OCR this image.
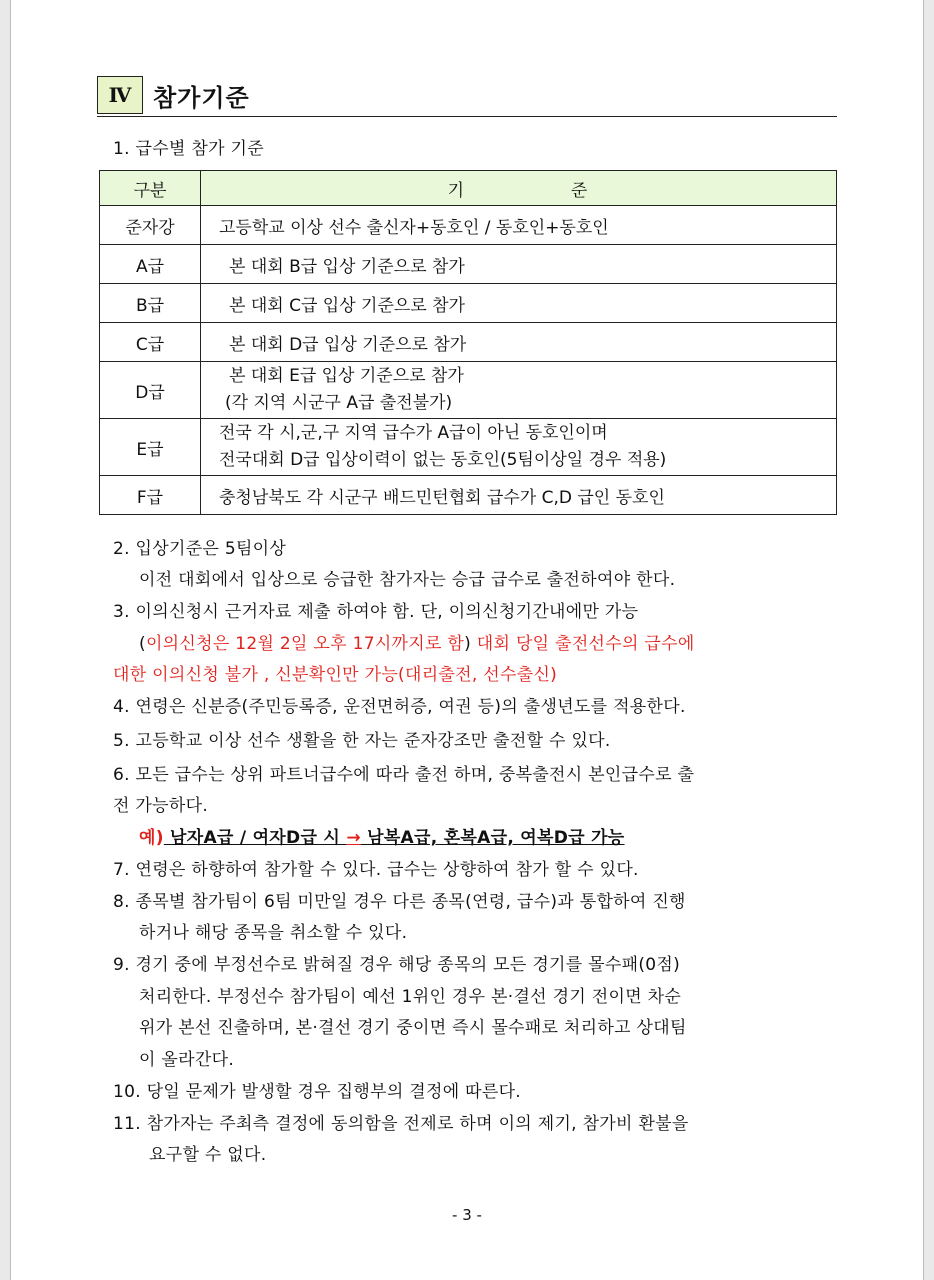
Ⅳ 참가기준
1. 급수별 참가 기준
구분	기 준
준자강	고등학교 이상 선수 출신자+동호인 / 동호인+동호인
A급	본 대회 B급 입상 기준으로 참가
B급	본 대회 C급 입상 기준으로 참가
C급	본 대회 D급 입상 기준으로 참가
D급	본 대회 E급 입상 기준으로 참가
(각 지역 시군구 A급 출전불가)

E급	전국 각 시,군,구 지역 급수가 A급이 아닌 동호인이며
전국대회 D급 입상이력이 없는 동호인(5팀이상일 경우 적용)

F급	충청남북도 각 시군구 배드민턴협회 급수가 C,D 급인 동호인
2. 입상기준은 5팀이상
이전 대회에서 입상으로 승급한 참가자는 승급 급수로 출전하여야 한다.
3. 이의신청시 근거자료 제출 하여야 함. 단, 이의신청기간내에만 가능
(이의신청은 12월 2일 오후 17시까지로 함) 대회 당일 출전선수의 급수에
대한 이의신청 불가 , 신분확인만 가능(대리출전, 선수출신)
4. 연령은 신분증(주민등록증, 운전면허증, 여권 등)의 출생년도를 적용한다.
5. 고등학교 이상 선수 생활을 한 자는 준자강조만 출전할 수 있다.
6. 모든 급수는 상위 파트너급수에 따라 출전 하며, 중복출전시 본인급수로 출
전 가능하다.
예) 남자A급 / 여자D급 시 → 남복A급, 혼복A급, 여복D급 가능
7. 연령은 하향하여 참가할 수 있다. 급수는 상향하여 참가 할 수 있다.
8. 종목별 참가팀이 6팀 미만일 경우 다른 종목(연령, 급수)과 통합하여 진행
하거나 해당 종목을 취소할 수 있다.
9. 경기 중에 부정선수로 밝혀질 경우 해당 종목의 모든 경기를 몰수패(0점)
처리한다. 부정선수 참가팀이 예선 1위인 경우 본·결선 경기 전이면 차순
위가 본선 진출하며, 본·결선 경기 중이면 즉시 몰수패로 처리하고 상대팀
이 올라간다.
10. 당일 문제가 발생할 경우 집행부의 결정에 따른다.
11. 참가자는 주최측 결정에 동의함을 전제로 하며 이의 제기, 참가비 환불을
요구할 수 없다.
- 3 -
